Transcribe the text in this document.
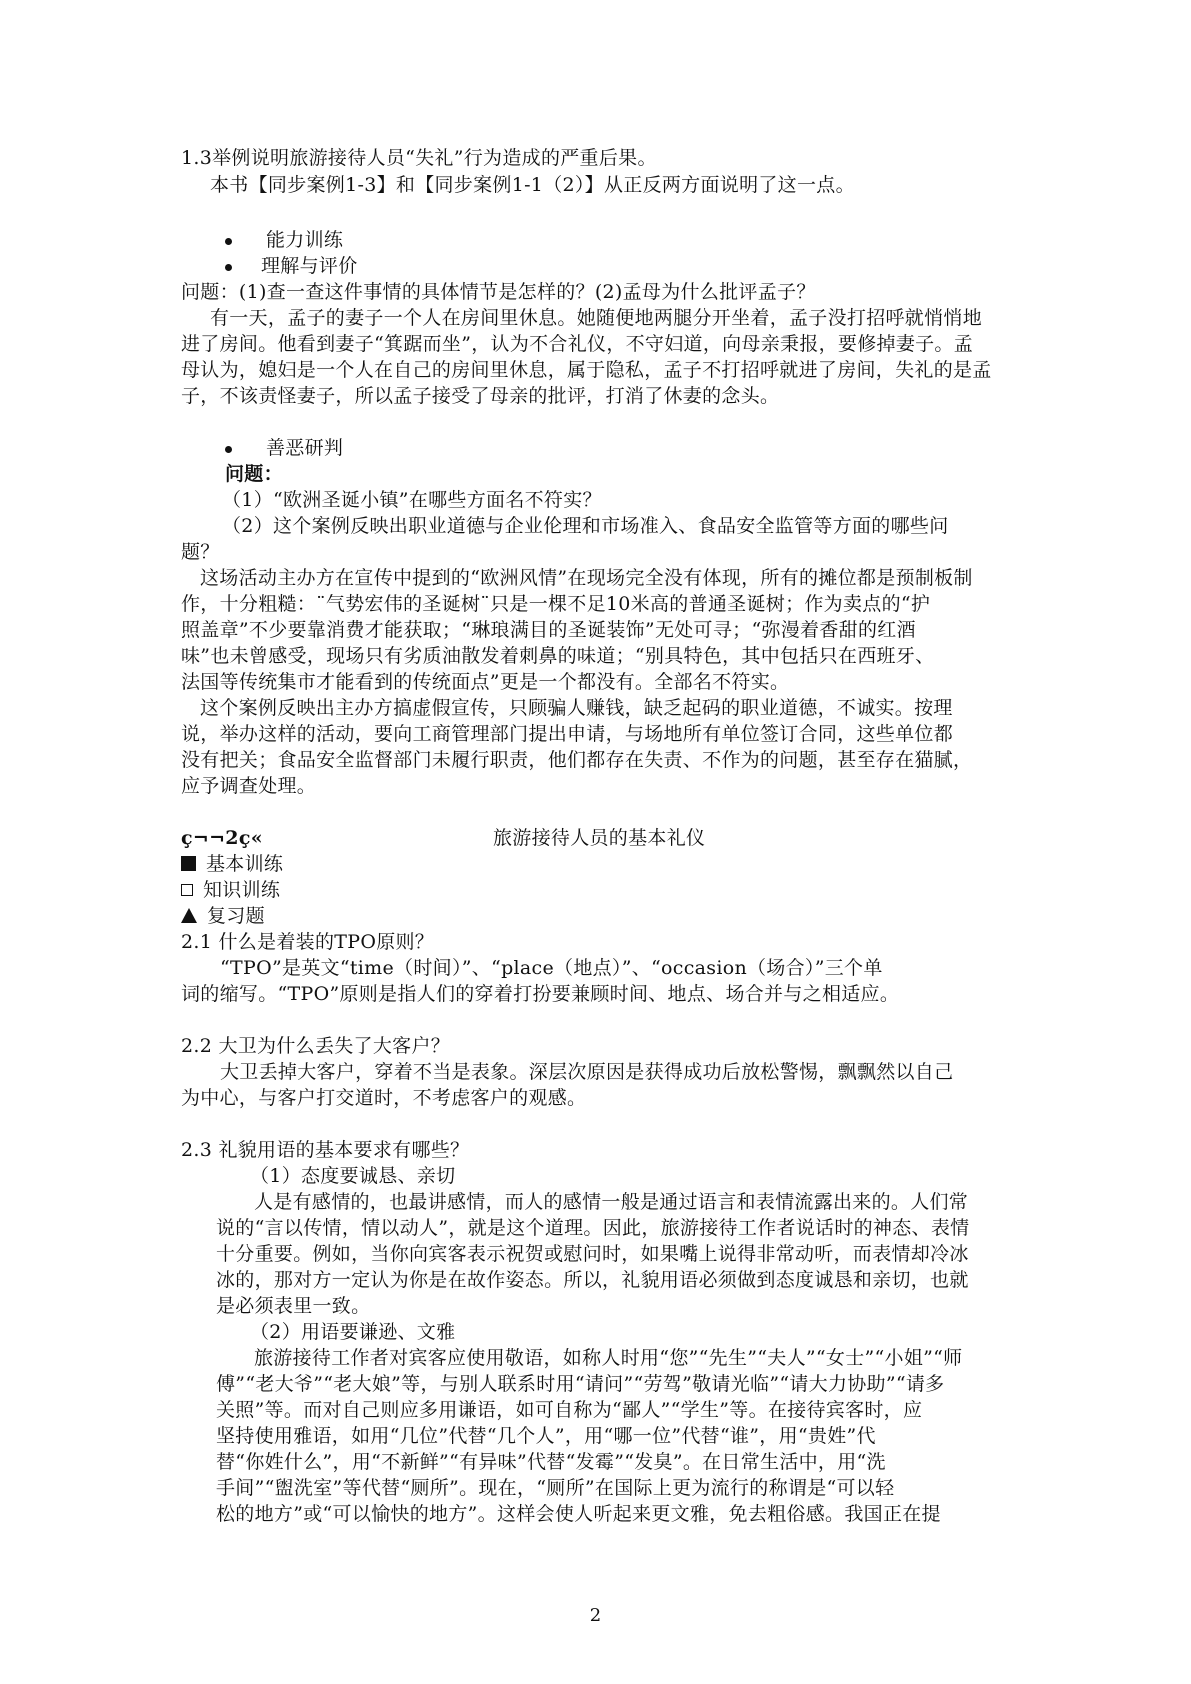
1.3举例说明旅游接待人员“失礼”行为造成的严重后果。
本书【同步案例1-3】和【同步案例1-1（2）】从正反两方面说明了这一点。
能力训练
理解与评价
问题：(1)查一查这件事情的具体情节是怎样的？(2)孟母为什么批评孟子？
有一天，孟子的妻子一个人在房间里休息。她随便地两腿分开坐着，孟子没打招呼就悄悄地
进了房间。他看到妻子“箕踞而坐”，认为不合礼仪，不守妇道，向母亲秉报，要修掉妻子。孟
母认为，媳妇是一个人在自己的房间里休息，属于隐私，孟子不打招呼就进了房间，失礼的是孟
子，不该责怪妻子，所以孟子接受了母亲的批评，打消了休妻的念头。
善恶研判
问题：
（1）“欧洲圣诞小镇”在哪些方面名不符实？
（2）这个案例反映出职业道德与企业伦理和市场准入、食品安全监管等方面的哪些问
题？
这场活动主办方在宣传中提到的“欧洲风情”在现场完全没有体现，所有的摊位都是预制板制
作，十分粗糙：¨气势宏伟的圣诞树¨只是一棵不足10米高的普通圣诞树；作为卖点的“护
照盖章”不少要靠消费才能获取；“琳琅满目的圣诞装饰”无处可寻；“弥漫着香甜的红酒
味”也未曾感受，现场只有劣质油散发着刺鼻的味道；“别具特色，其中包括只在西班牙、
法国等传统集市才能看到的传统面点”更是一个都没有。全部名不符实。
这个案例反映出主办方搞虚假宣传，只顾骗人赚钱，缺乏起码的职业道德，不诚实。按理
说，举办这样的活动，要向工商管理部门提出申请，与场地所有单位签订合同，这些单位都
没有把关；食品安全监督部门未履行职责，他们都存在失责、不作为的问题，甚至存在猫腻，
应予调查处理。
ç¬¬2ç«	旅游接待人员的基本礼仪
基本训练
知识训练
复习题
2.1 什么是着装的TPO原则？
“TPO”是英文“time（时间）”、“place（地点）”、“occasion（场合）”三个单
词的缩写。“TPO”原则是指人们的穿着打扮要兼顾时间、地点、场合并与之相适应。
2.2 大卫为什么丢失了大客户？
大卫丢掉大客户，穿着不当是表象。深层次原因是获得成功后放松警惕，飘飘然以自己
为中心，与客户打交道时，不考虑客户的观感。
2.3 礼貌用语的基本要求有哪些？
（1）态度要诚恳、亲切
人是有感情的，也最讲感情，而人的感情一般是通过语言和表情流露出来的。人们常
说的“言以传情，情以动人”，就是这个道理。因此，旅游接待工作者说话时的神态、表情
十分重要。例如，当你向宾客表示祝贺或慰问时，如果嘴上说得非常动听，而表情却冷冰
冰的，那对方一定认为你是在故作姿态。所以，礼貌用语必须做到态度诚恳和亲切，也就
是必须表里一致。
（2）用语要谦逊、文雅
旅游接待工作者对宾客应使用敬语，如称人时用“您”“先生”“夫人”“女士”“小姐”“师
傅”“老大爷”“老大娘”等，与别人联系时用“请问”“劳驾”敬请光临”“请大力协助”“请多
关照”等。而对自己则应多用谦语，如可自称为“鄙人”“学生”等。在接待宾客时，应
坚持使用雅语，如用“几位”代替“几个人”，用“哪一位”代替“谁”，用“贵姓”代
替“你姓什么”，用“不新鲜”“有异味”代替“发霉”“发臭”。在日常生活中，用“洗
手间”“盥洗室”等代替“厕所”。现在，“厕所”在国际上更为流行的称谓是“可以轻
松的地方”或“可以愉快的地方”。这样会使人听起来更文雅，免去粗俗感。我国正在提
2
